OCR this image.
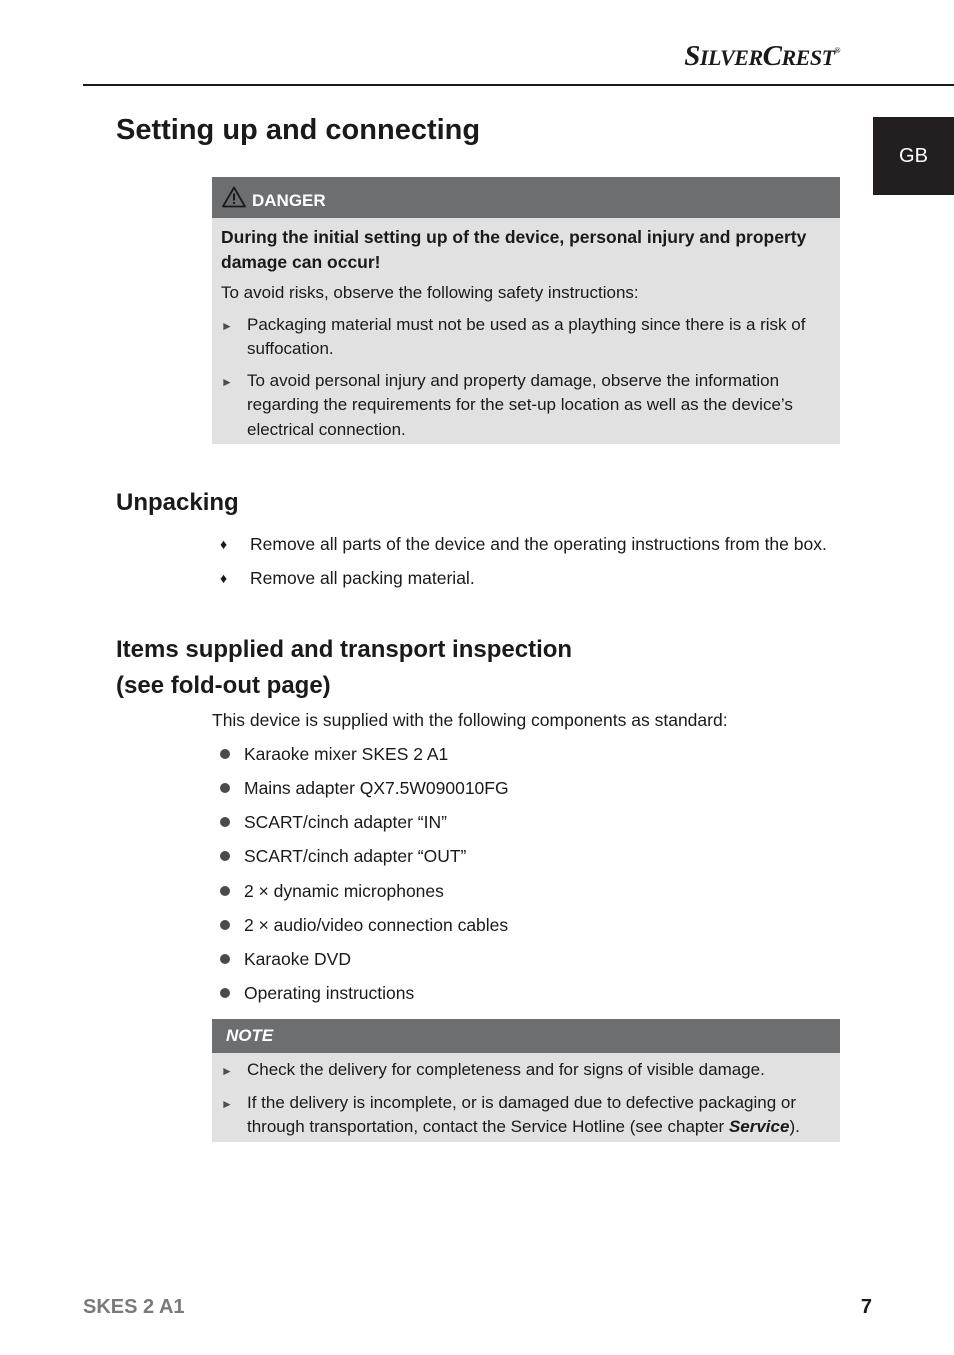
SILVERCREST®
GB
Setting up and connecting
DANGER

During the initial setting up of the device, personal injury and property damage can occur!

To avoid risks, observe the following safety instructions:

► Packaging material must not be used as a plaything since there is a risk of suffocation.
► To avoid personal injury and property damage, observe the information regarding the requirements for the set-up location as well as the device’s electrical connection.
Unpacking
♦	Remove all parts of the device and the operating instructions from the box.
♦	Remove all packing material.
Items supplied and transport inspection
(see fold-out page)

This device is supplied with the following components as standard:

Karaoke mixer SKES 2 A1
Mains adapter QX7.5W090010FG
SCART/cinch adapter “IN”
SCART/cinch adapter “OUT”
2 × dynamic microphones
2 × audio/video connection cables
Karaoke DVD
Operating instructions
NOTE
► Check the delivery for completeness and for signs of visible damage.
► If the delivery is incomplete, or is damaged due to defective packaging or through transportation, contact the Service Hotline (see chapter Service).
SKES 2 A1	7
